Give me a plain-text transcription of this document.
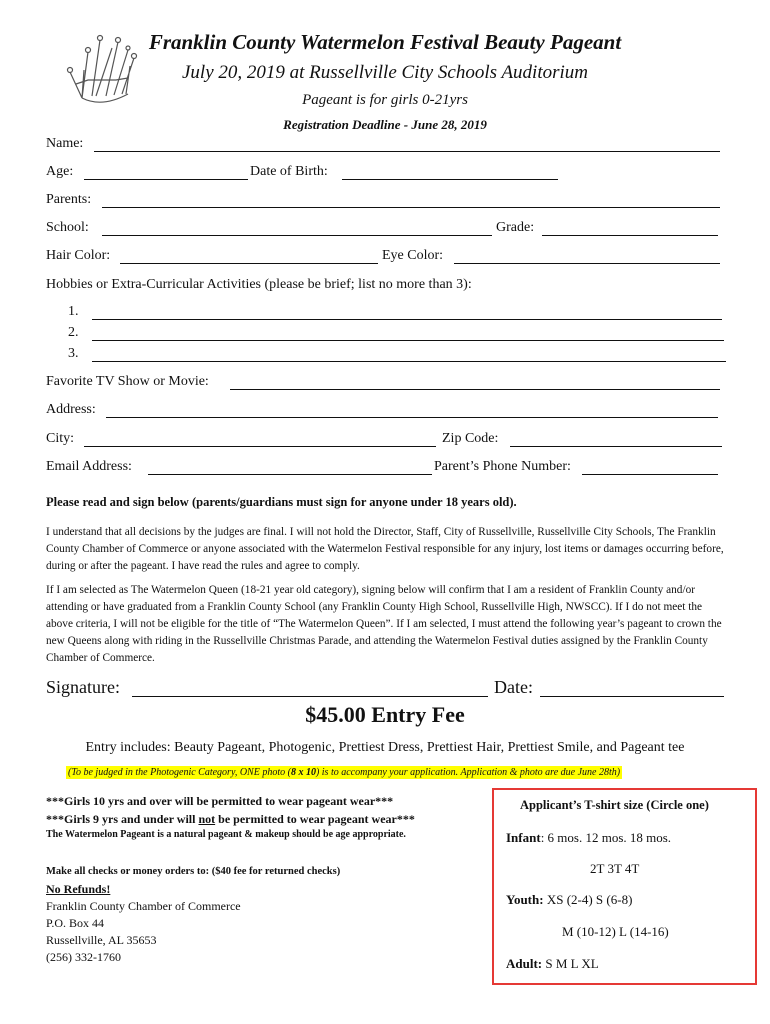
Franklin County Watermelon Festival Beauty Pageant
July 20, 2019 at Russellville City Schools Auditorium
Pageant is for girls 0-21yrs
Registration Deadline - June 28, 2019
Name:
Age:	Date of Birth:
Parents:
School:	Grade:
Hair Color:	Eye Color:
Hobbies or Extra-Curricular Activities (please be brief; list no more than 3):
1.
2.
3.
Favorite TV Show or Movie:
Address:
City:	Zip Code:
Email Address:	Parent’s Phone Number:
Please read and sign below (parents/guardians must sign for anyone under 18 years old).
I understand that all decisions by the judges are final. I will not hold the Director, Staff, City of Russellville, Russellville City Schools, The Franklin County Chamber of Commerce or anyone associated with the Watermelon Festival responsible for any injury, lost items or damages occurring before, during or after the pageant. I have read the rules and agree to comply.
If I am selected as The Watermelon Queen (18-21 year old category), signing below will confirm that I am a resident of Franklin County and/or attending or have graduated from a Franklin County School (any Franklin County High School, Russellville High, NWSCC). If I do not meet the above criteria, I will not be eligible for the title of “The Watermelon Queen”. If I am selected, I must attend the following year’s pageant to crown the new Queens along with riding in the Russellville Christmas Parade, and attending the Watermelon Festival duties assigned by the Franklin County Chamber of Commerce.
Signature:	Date:
$45.00 Entry Fee
Entry includes: Beauty Pageant, Photogenic, Prettiest Dress, Prettiest Hair, Prettiest Smile, and Pageant tee
(To be judged in the Photogenic Category, ONE photo (8 x 10) is to accompany your application. Application & photo are due June 28th)
***Girls 10 yrs and over will be permitted to wear pageant wear***
***Girls 9 yrs and under will not be permitted to wear pageant wear***
The Watermelon Pageant is a natural pageant & makeup should be age appropriate.
Make all checks or money orders to: ($40 fee for returned checks)
No Refunds!
Franklin County Chamber of Commerce
P.O. Box 44
Russellville, AL 35653
(256) 332-1760
Applicant’s T-shirt size (Circle one)
Infant: 6 mos. 12 mos. 18 mos.
2T 3T 4T
Youth: XS (2-4) S (6-8)
M (10-12) L (14-16)
Adult: S M L XL
